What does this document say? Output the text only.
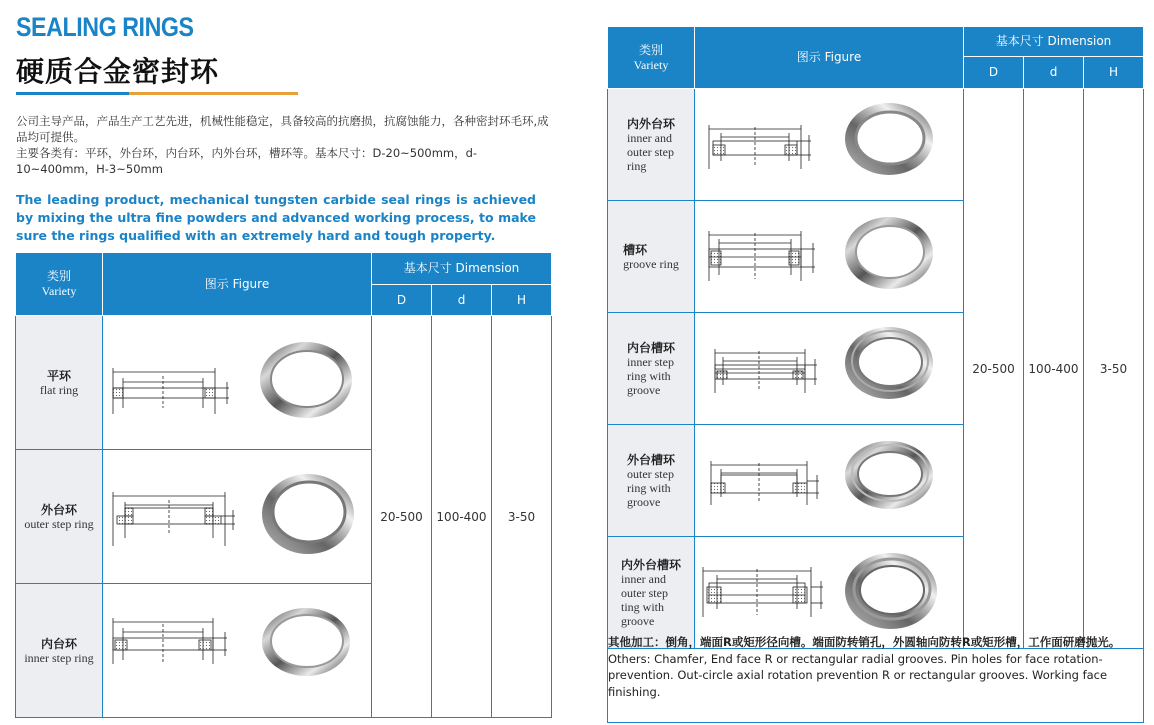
SEALING RINGS
硬质合金密封环
公司主导产品，产品生产工艺先进，机械性能稳定，具备较高的抗磨损，抗腐蚀能力，各种密封环毛环,成品均可提供。
主要各类有：平环，外台环，内台环，内外台环，槽环等。基本尺寸：D-20~500mm，d-10~400mm，H-3~50mm
The leading product, mechanical tungsten carbide seal rings is achieved by mixing the ultra fine powders and advanced working process, to make sure the rings qualified with an extremely hard and tough property.
类别
Variety	图示 Figure	基本尺寸 Dimension		
		D	d	H

平环
flat ring		20-500	100-400	3-50

外台环
outer step ring	

内台环
inner step ring	
类别
Variety	图示 Figure	基本尺寸 Dimension		
		D	d	H

内外台环
inner and
outer step
ring		20-500	100-400	3-50

槽环
groove ring

内台槽环
inner step
ring with
groove

外台槽环
outer step
ring with
groove

内外台槽环
inner and
outer step
ting with
groove

其他加工：倒角，端面R或矩形径向槽。端面防转销孔，外圆轴向防转R或矩形槽，工作面研磨抛光。
Others: Chamfer, End face R or rectangular radial grooves. Pin holes for face rotation-prevention. Out-circle axial rotation prevention R or rectangular grooves. Working face finishing.
